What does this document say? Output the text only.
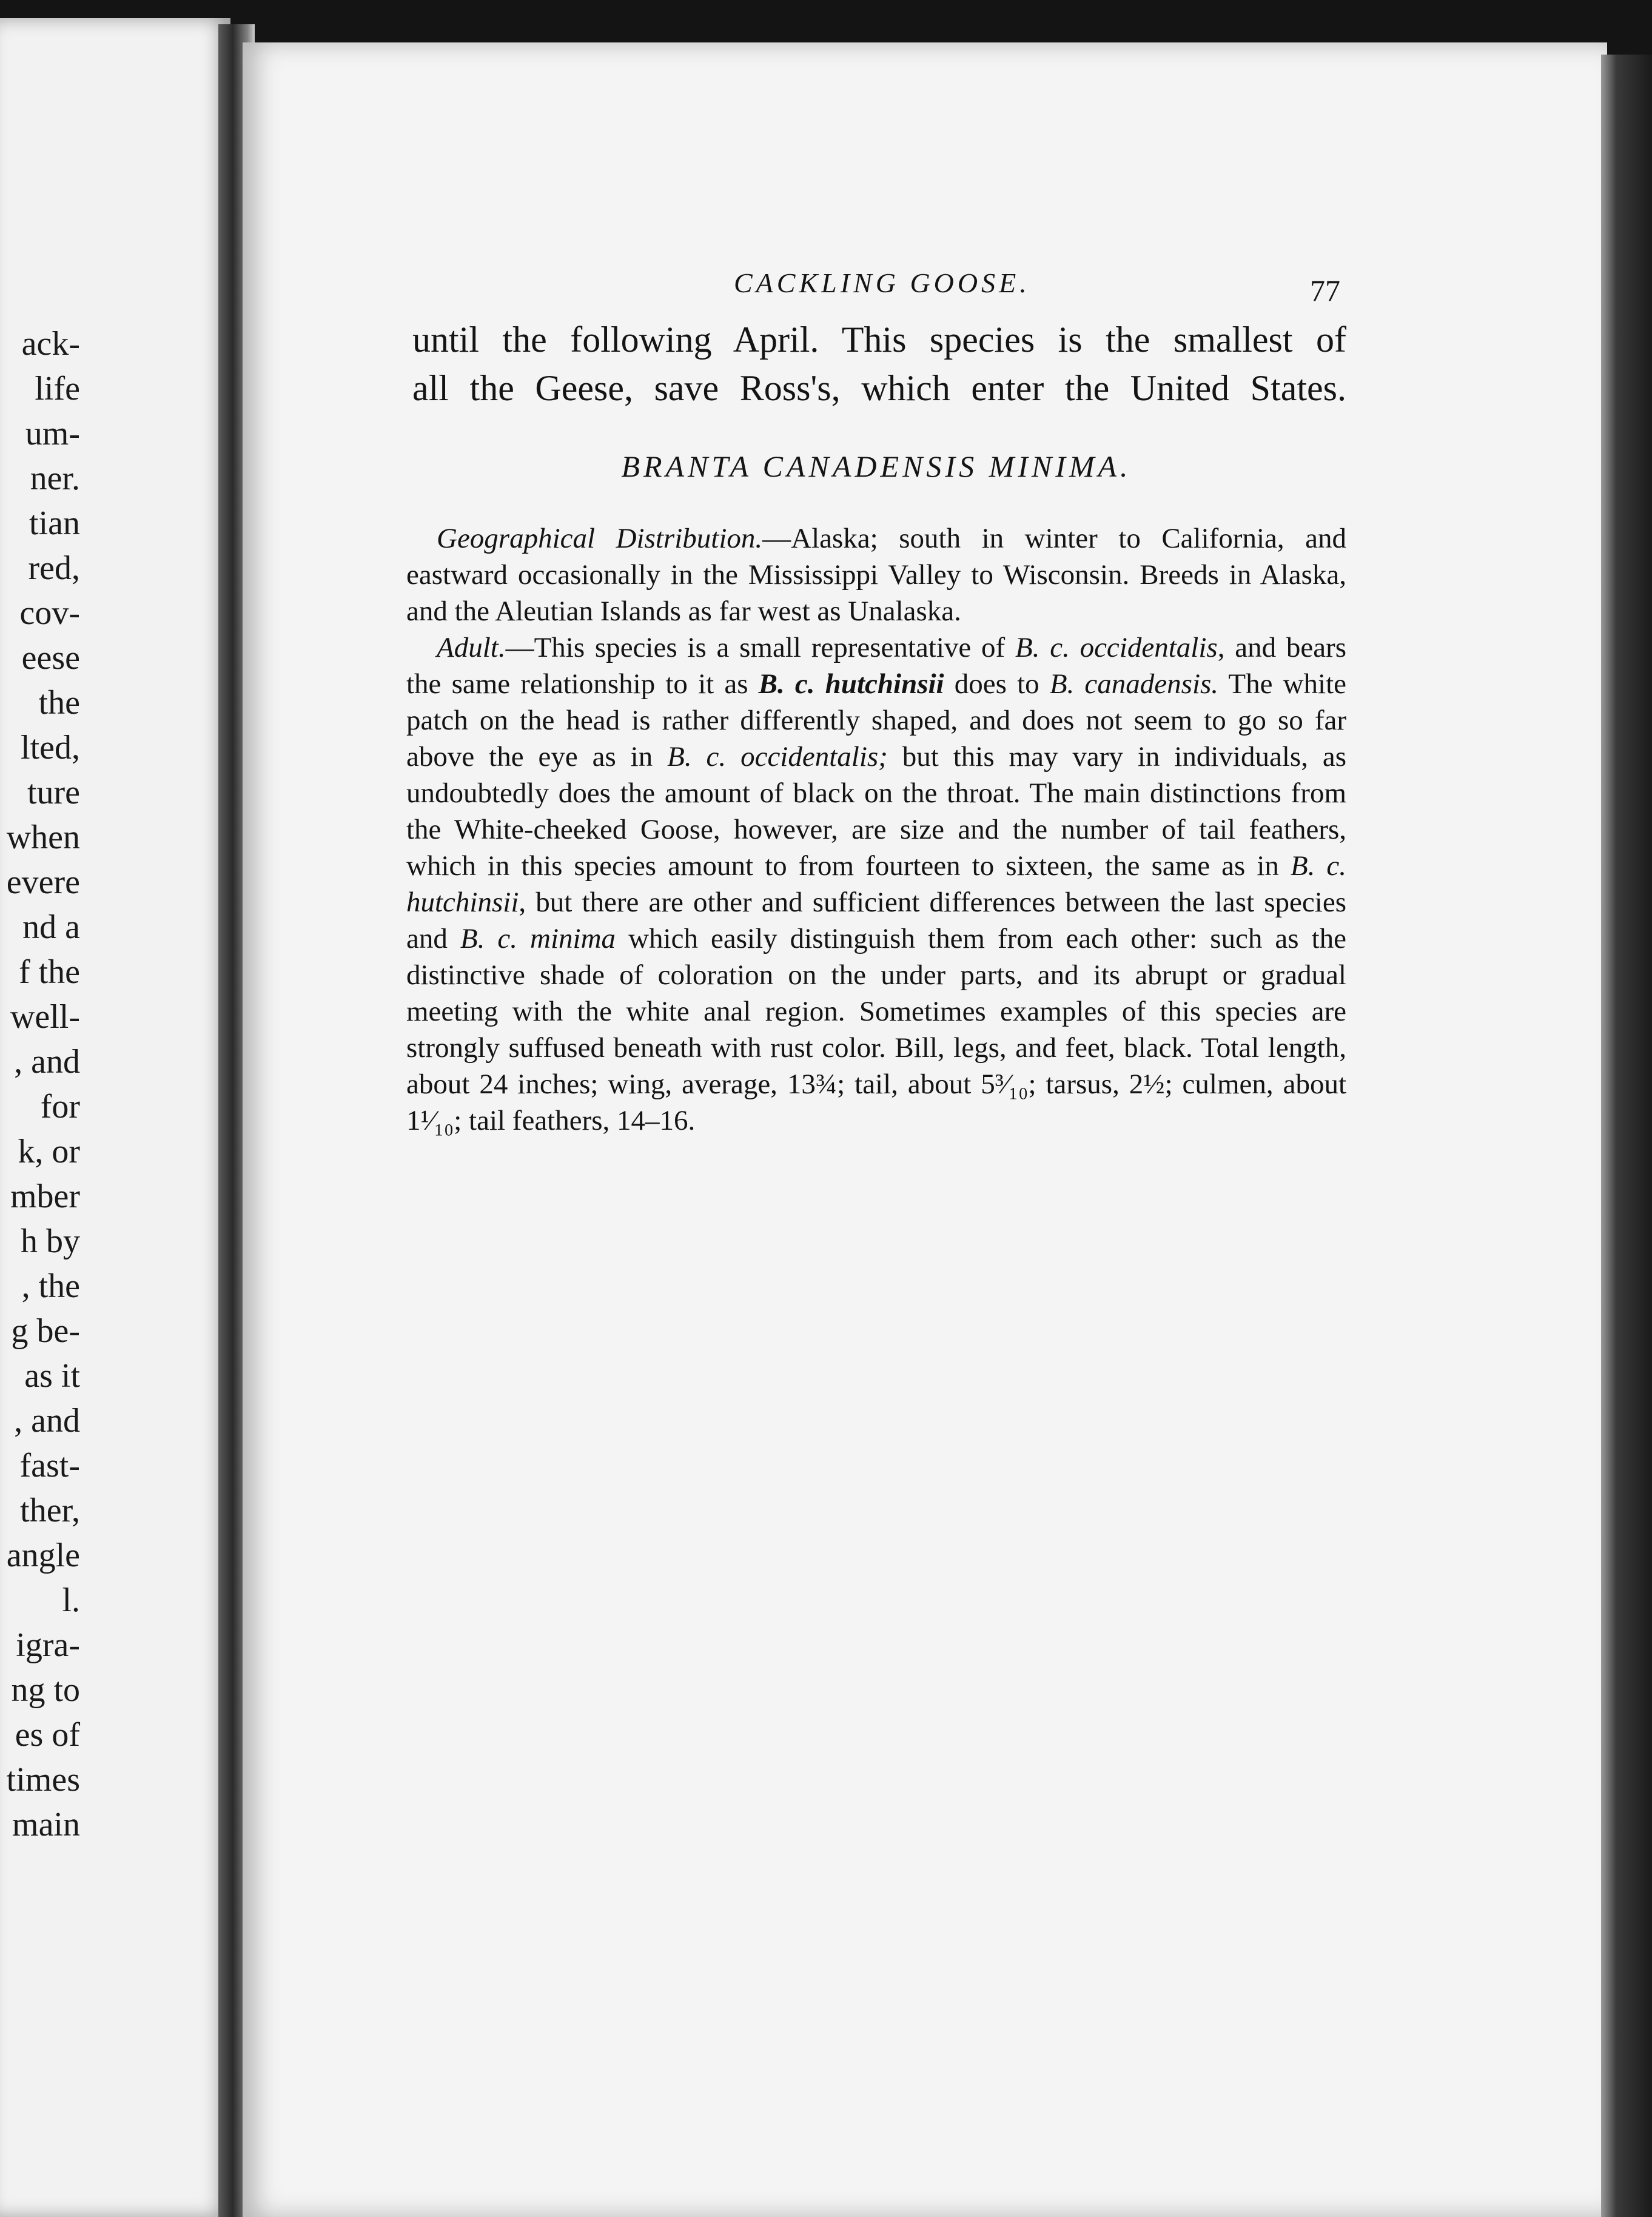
ack-
life
um-
ner.
tian
red,
cov-
eese
the
lted,
ture
when
evere
nd a
f the
well-
, and
for
k, or
mber
h by
, the
g be-
as it
, and
fast-
ther,
angle
l.
igra-
ng to
es of
times
main
CACKLING GOOSE.	77

until the following April. This species is the smallest of

all the Geese, save Ross's, which enter the United States.

BRANTA CANADENSIS MINIMA.

Geographical Distribution.—Alaska; south in winter to California, and eastward occasionally in the Mississippi Valley to Wisconsin. Breeds in Alaska, and the Aleutian Islands as far west as Unalaska.

Adult.—This species is a small representative of B. c. occidentalis, and bears the same relationship to it as B. c. hutchinsii does to B. canadensis. The white patch on the head is rather differently shaped, and does not seem to go so far above the eye as in B. c. occidentalis; but this may vary in individuals, as undoubtedly does the amount of black on the throat. The main distinctions from the White-cheeked Goose, however, are size and the number of tail feathers, which in this species amount to from fourteen to sixteen, the same as in B. c. hutchinsii, but there are other and sufficient differences between the last species and B. c. minima which easily distinguish them from each other: such as the distinctive shade of coloration on the under parts, and its abrupt or gradual meeting with the white anal region. Sometimes examples of this species are strongly suffused beneath with rust color. Bill, legs, and feet, black. Total length, about 24 inches; wing, average, 13¾; tail, about 5³⁄₁₀; tarsus, 2½; culmen, about 1¹⁄₁₀; tail feathers, 14–16.
